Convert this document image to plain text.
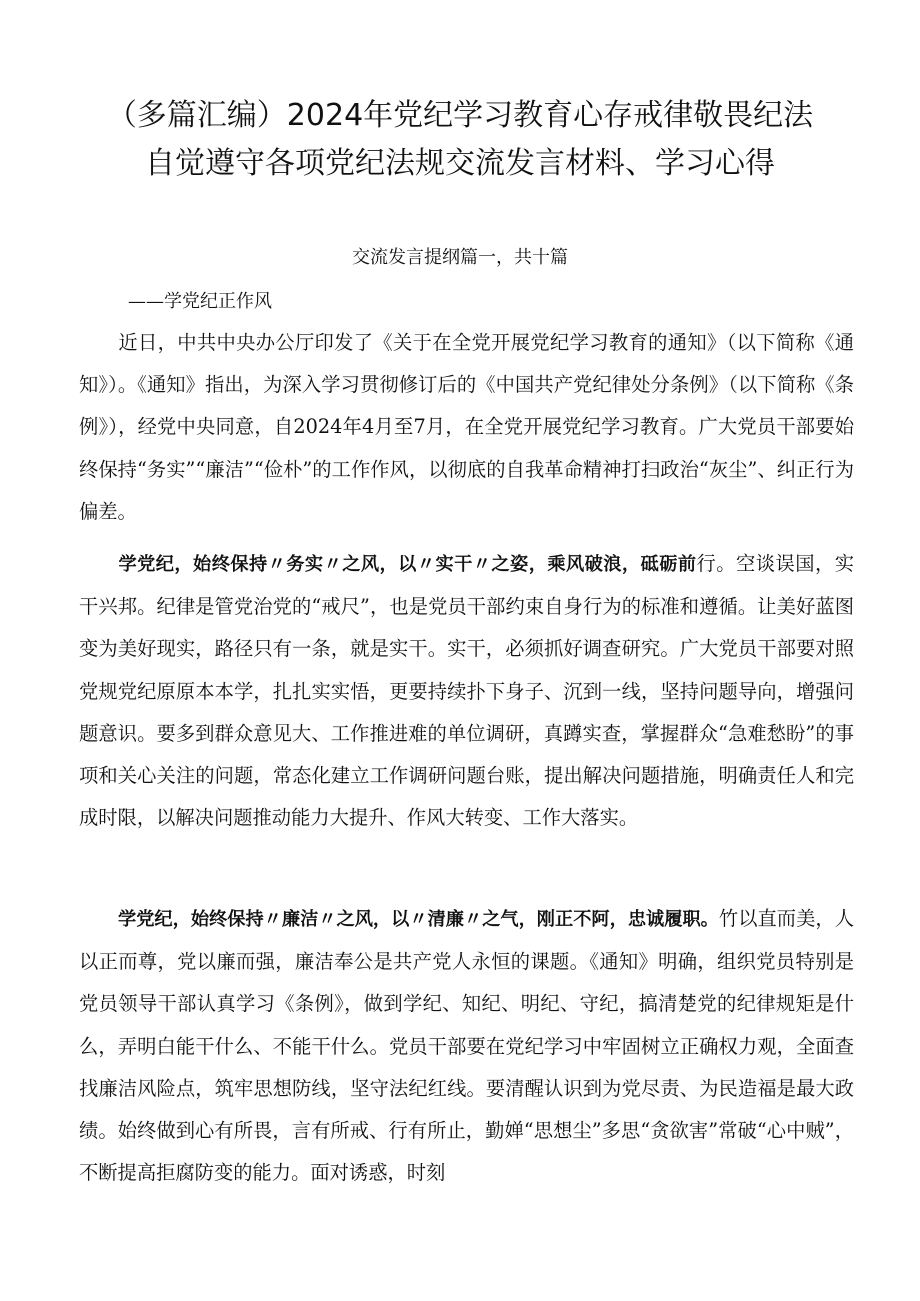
（多篇汇编）2024年党纪学习教育心存戒律敬畏纪法
自觉遵守各项党纪法规交流发言材料、学习心得
交流发言提纲篇一，共十篇
——学党纪正作风
近日，中共中央办公厅印发了《关于在全党开展党纪学习教育的通知》（以下简称《通知》）。《通知》指出，为深入学习贯彻修订后的《中国共产党纪律处分条例》（以下简称《条例》），经党中央同意，自2024年4月至7月，在全党开展党纪学习教育。广大党员干部要始终保持“务实”“廉洁”“俭朴”的工作作风，以彻底的自我革命精神打扫政治“灰尘”、纠正行为偏差。
学党纪，始终保持〃务实〃之风，以〃实干〃之姿，乘风破浪，砥砺前行。空谈误国，实干兴邦。纪律是管党治党的“戒尺”，也是党员干部约束自身行为的标准和遵循。让美好蓝图变为美好现实，路径只有一条，就是实干。实干，必须抓好调查研究。广大党员干部要对照党规党纪原原本本学，扎扎实实悟，更要持续扑下身子、沉到一线，坚持问题导向，增强问题意识。要多到群众意见大、工作推进难的单位调研，真蹲实查，掌握群众“急难愁盼”的事项和关心关注的问题，常态化建立工作调研问题台账，提出解决问题措施，明确责任人和完成时限，以解决问题推动能力大提升、作风大转变、工作大落实。
学党纪，始终保持〃廉洁〃之风，以〃清廉〃之气，刚正不阿，忠诚履职。竹以直而美，人以正而尊，党以廉而强，廉洁奉公是共产党人永恒的课题。《通知》明确，组织党员特别是党员领导干部认真学习《条例》，做到学纪、知纪、明纪、守纪，搞清楚党的纪律规矩是什么，弄明白能干什么、不能干什么。党员干部要在党纪学习中牢固树立正确权力观，全面查找廉洁风险点，筑牢思想防线，坚守法纪红线。要清醒认识到为党尽责、为民造福是最大政绩。始终做到心有所畏，言有所戒、行有所止，勤婵“思想尘”多思“贪欲害”常破“心中贼”，不断提高拒腐防变的能力。面对诱惑，时刻
